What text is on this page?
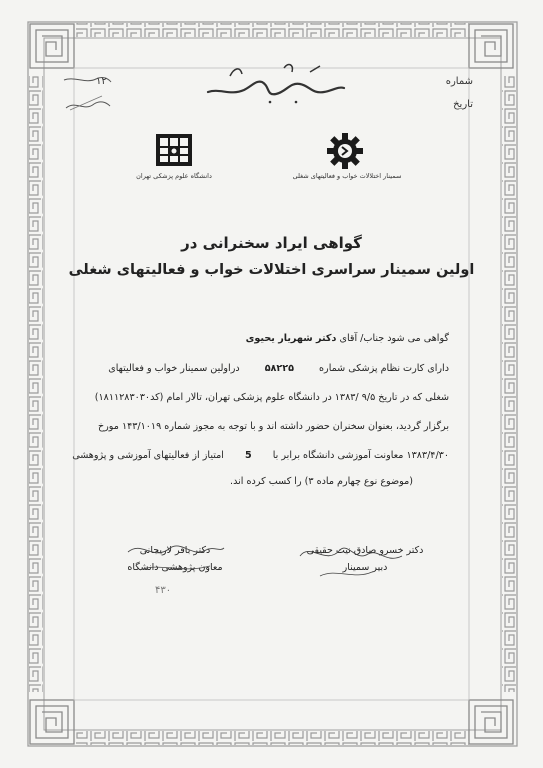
شماره
تاریخ
۱۲
دانشگاه علوم پزشکی تهران	سمینار اختلالات خواب و فعالیتهای شغلی
گواهی ایراد سخنرانی در
اولین سمینار سراسری اختلالات خواب و فعالیتهای شغلی
گواهی می شود جناب/ آقای دکتر شهریار یحیوی
دارای کارت نظام پزشکی شماره ۵۸۲۲۵ دراولین سمینار خواب و فعالیتهای
شغلی که در تاریخ ۹/۵ /۱۳۸۳ در دانشگاه علوم پزشکی تهران، تالار امام (کد۱۸۱۱۲۸۳۰۳۰)
برگزار گردید، بعنوان سخنران حضور داشته اند و با توجه به مجوز شماره ۱۴۳/۱۰۱۹ مورخ
۱۳۸۳/۴/۳۰ معاونت آموزشی دانشگاه برابر با 5 امتیاز از فعالیتهای آموزشی و پژوهشی
(موضوع نوع چهارم ماده ۳) را کسب کرده اند.
دکتر خسرو صادق نیت حقیقی
دبیر سمینار
دکتر باقر لاریجانی
معاون پژوهشی دانشگاه
۴۳۰
